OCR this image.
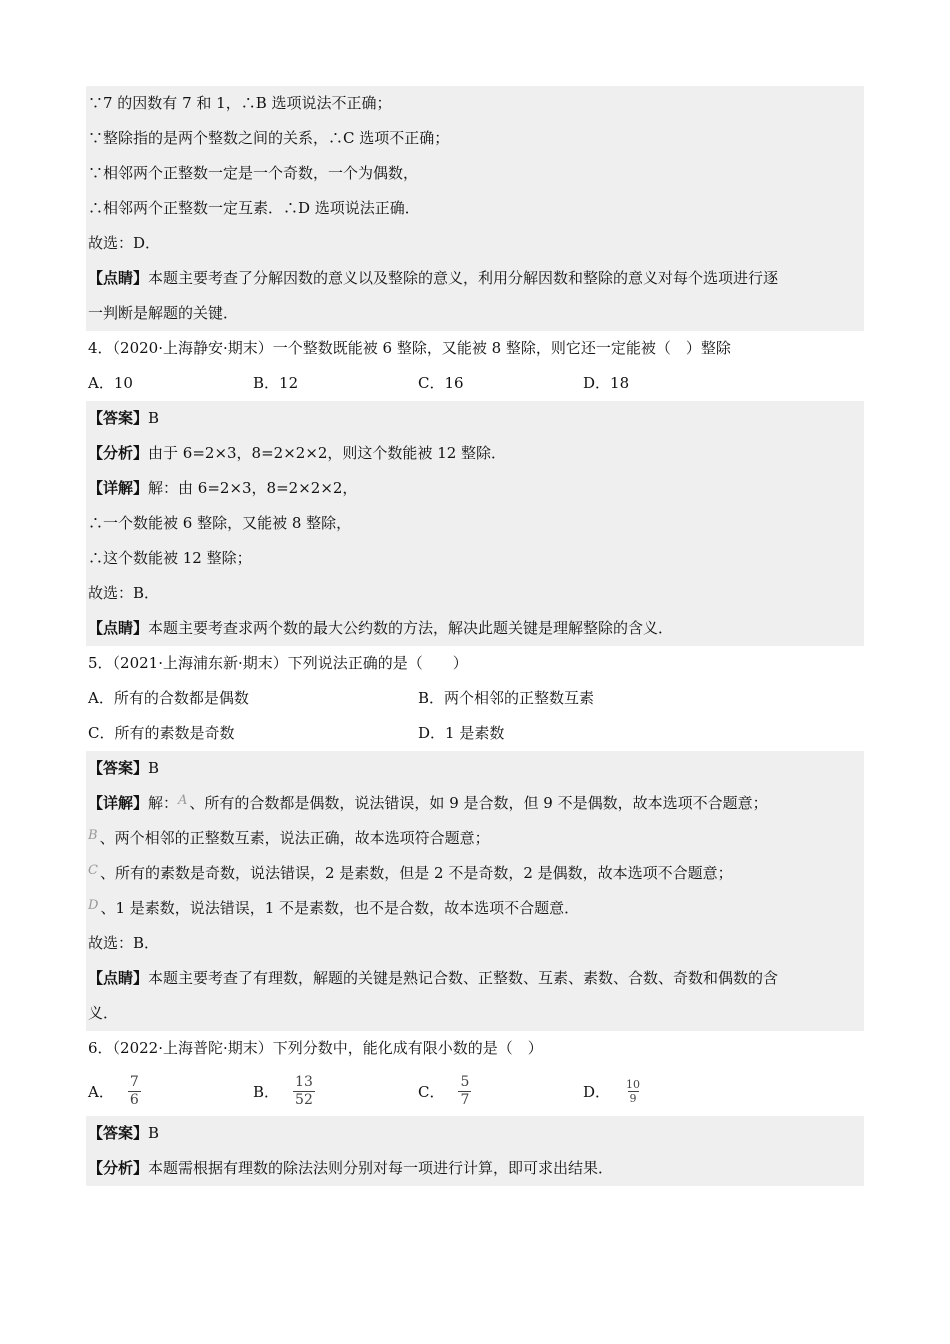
∵7 的因数有 7 和 1，∴B 选项说法不正确；
∵整除指的是两个整数之间的关系，∴C 选项不正确；
∵相邻两个正整数一定是一个奇数，一个为偶数，
∴相邻两个正整数一定互素．∴D 选项说法正确．
故选：D．
【点睛】本题主要考查了分解因数的意义以及整除的意义，利用分解因数和整除的意义对每个选项进行逐
一判断是解题的关键．
4．（2020·上海静安·期末）一个整数既能被 6 整除，又能被 8 整除，则它还一定能被（　）整除
A．10	B．12	C．16	D．18
【答案】B
【分析】由于 6=2×3，8=2×2×2，则这个数能被 12 整除．
【详解】解：由 6=2×3，8=2×2×2，
∴一个数能被 6 整除，又能被 8 整除，
∴这个数能被 12 整除；
故选：B．
【点睛】本题主要考查求两个数的最大公约数的方法，解决此题关键是理解整除的含义．
5．（2021·上海浦东新·期末）下列说法正确的是（　　）
A．所有的合数都是偶数	B．两个相邻的正整数互素
C．所有的素数是奇数	D．1 是素数
【答案】B
【详解】解：A 、所有的合数都是偶数，说法错误，如 9 是合数，但 9 不是偶数，故本选项不合题意；
B 、两个相邻的正整数互素，说法正确，故本选项符合题意；
C 、所有的素数是奇数，说法错误，2 是素数，但是 2 不是奇数，2 是偶数，故本选项不合题意；
D 、1 是素数，说法错误，1 不是素数，也不是合数，故本选项不合题意．
故选：B．
【点睛】本题主要考查了有理数，解题的关键是熟记合数、正整数、互素、素数、合数、奇数和偶数的含
义．
6．（2022·上海普陀·期末）下列分数中，能化成有限小数的是（　）
A． $\frac{7}{6}$	B． $\frac{13}{52}$	C． $\frac{5}{7}$	D． $\frac{10}{9}$
【答案】B
【分析】本题需根据有理数的除法法则分别对每一项进行计算，即可求出结果．
